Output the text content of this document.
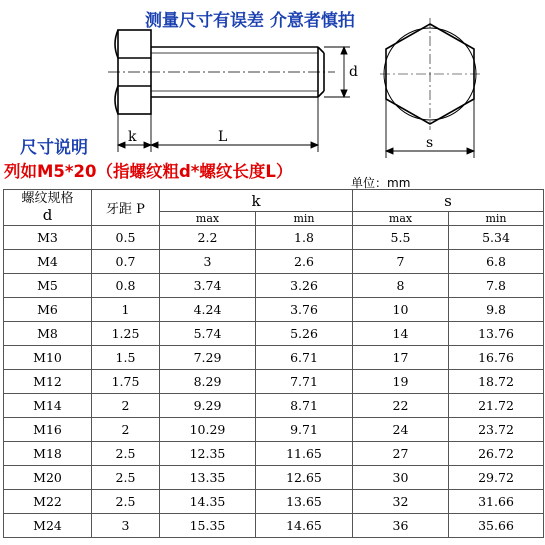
测量尺寸有误差 介意者慎拍
d
k	L	s
尺寸说明
列如M5*20（指螺纹粗d*螺纹长度L）
单位：mm
螺纹规格
d	牙距 P	k		s	
		max	min	max	min
M3	0.5	2.2	1.8	5.5	5.34
M4	0.7	3	2.6	7	6.8
M5	0.8	3.74	3.26	8	7.8
M6	1	4.24	3.76	10	9.8
M8	1.25	5.74	5.26	14	13.76
M10	1.5	7.29	6.71	17	16.76
M12	1.75	8.29	7.71	19	18.72
M14	2	9.29	8.71	22	21.72
M16	2	10.29	9.71	24	23.72
M18	2.5	12.35	11.65	27	26.72
M20	2.5	13.35	12.65	30	29.72
M22	2.5	14.35	13.65	32	31.66
M24	3	15.35	14.65	36	35.66
